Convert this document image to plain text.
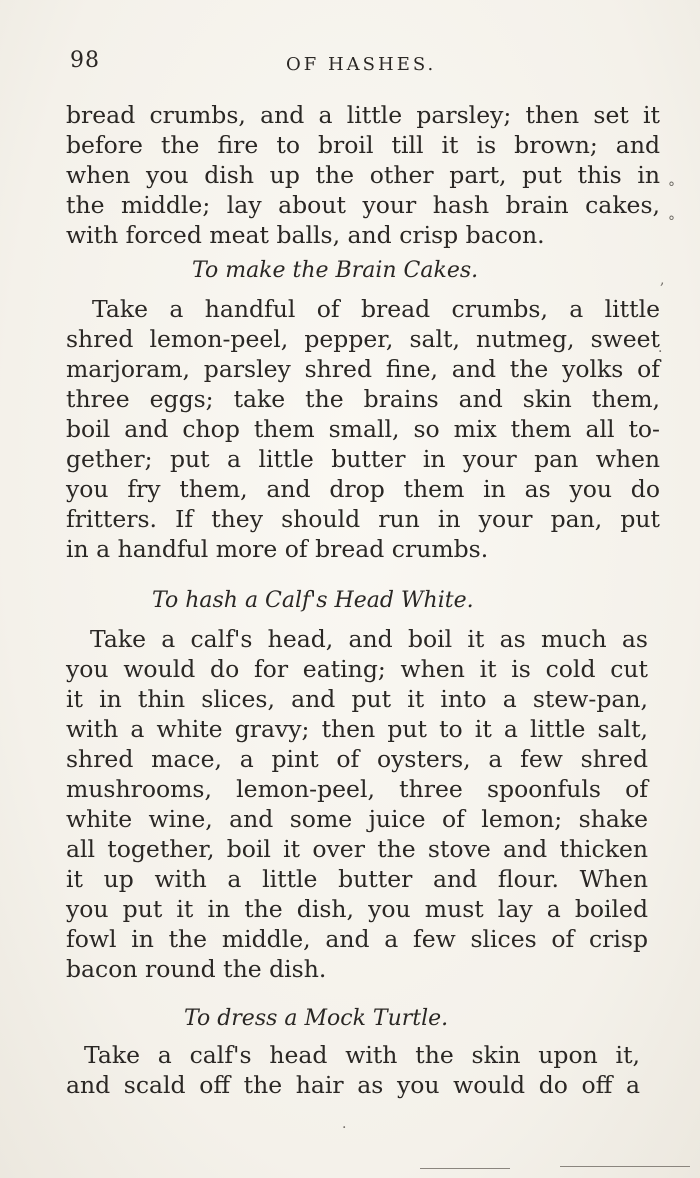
98	OF HASHES.
bread crumbs, and a little parsley; then set it
before the fire to broil till it is brown; and
when you dish up the other part, put this in
the middle; lay about your hash brain cakes,
with forced meat balls, and crisp bacon.
To make the Brain Cakes.
Take a handful of bread crumbs, a little
shred lemon-peel, pepper, salt, nutmeg, sweet
marjoram, parsley shred fine, and the yolks of
three eggs; take the brains and skin them,
boil and chop them small, so mix them all to-
gether; put a little butter in your pan when
you fry them, and drop them in as you do
fritters. If they should run in your pan, put
in a handful more of bread crumbs.
To hash a Calf's Head White.
Take a calf's head, and boil it as much as
you would do for eating; when it is cold cut
it in thin slices, and put it into a stew-pan,
with a white gravy; then put to it a little salt,
shred mace, a pint of oysters, a few shred
mushrooms, lemon-peel, three spoonfuls of
white wine, and some juice of lemon; shake
all together, boil it over the stove and thicken
it up with a little butter and flour. When
you put it in the dish, you must lay a boiled
fowl in the middle, and a few slices of crisp
bacon round the dish.
To dress a Mock Turtle.
Take a calf's head with the skin upon it,
and scald off the hair as you would do off a
°
°
,
·
·
